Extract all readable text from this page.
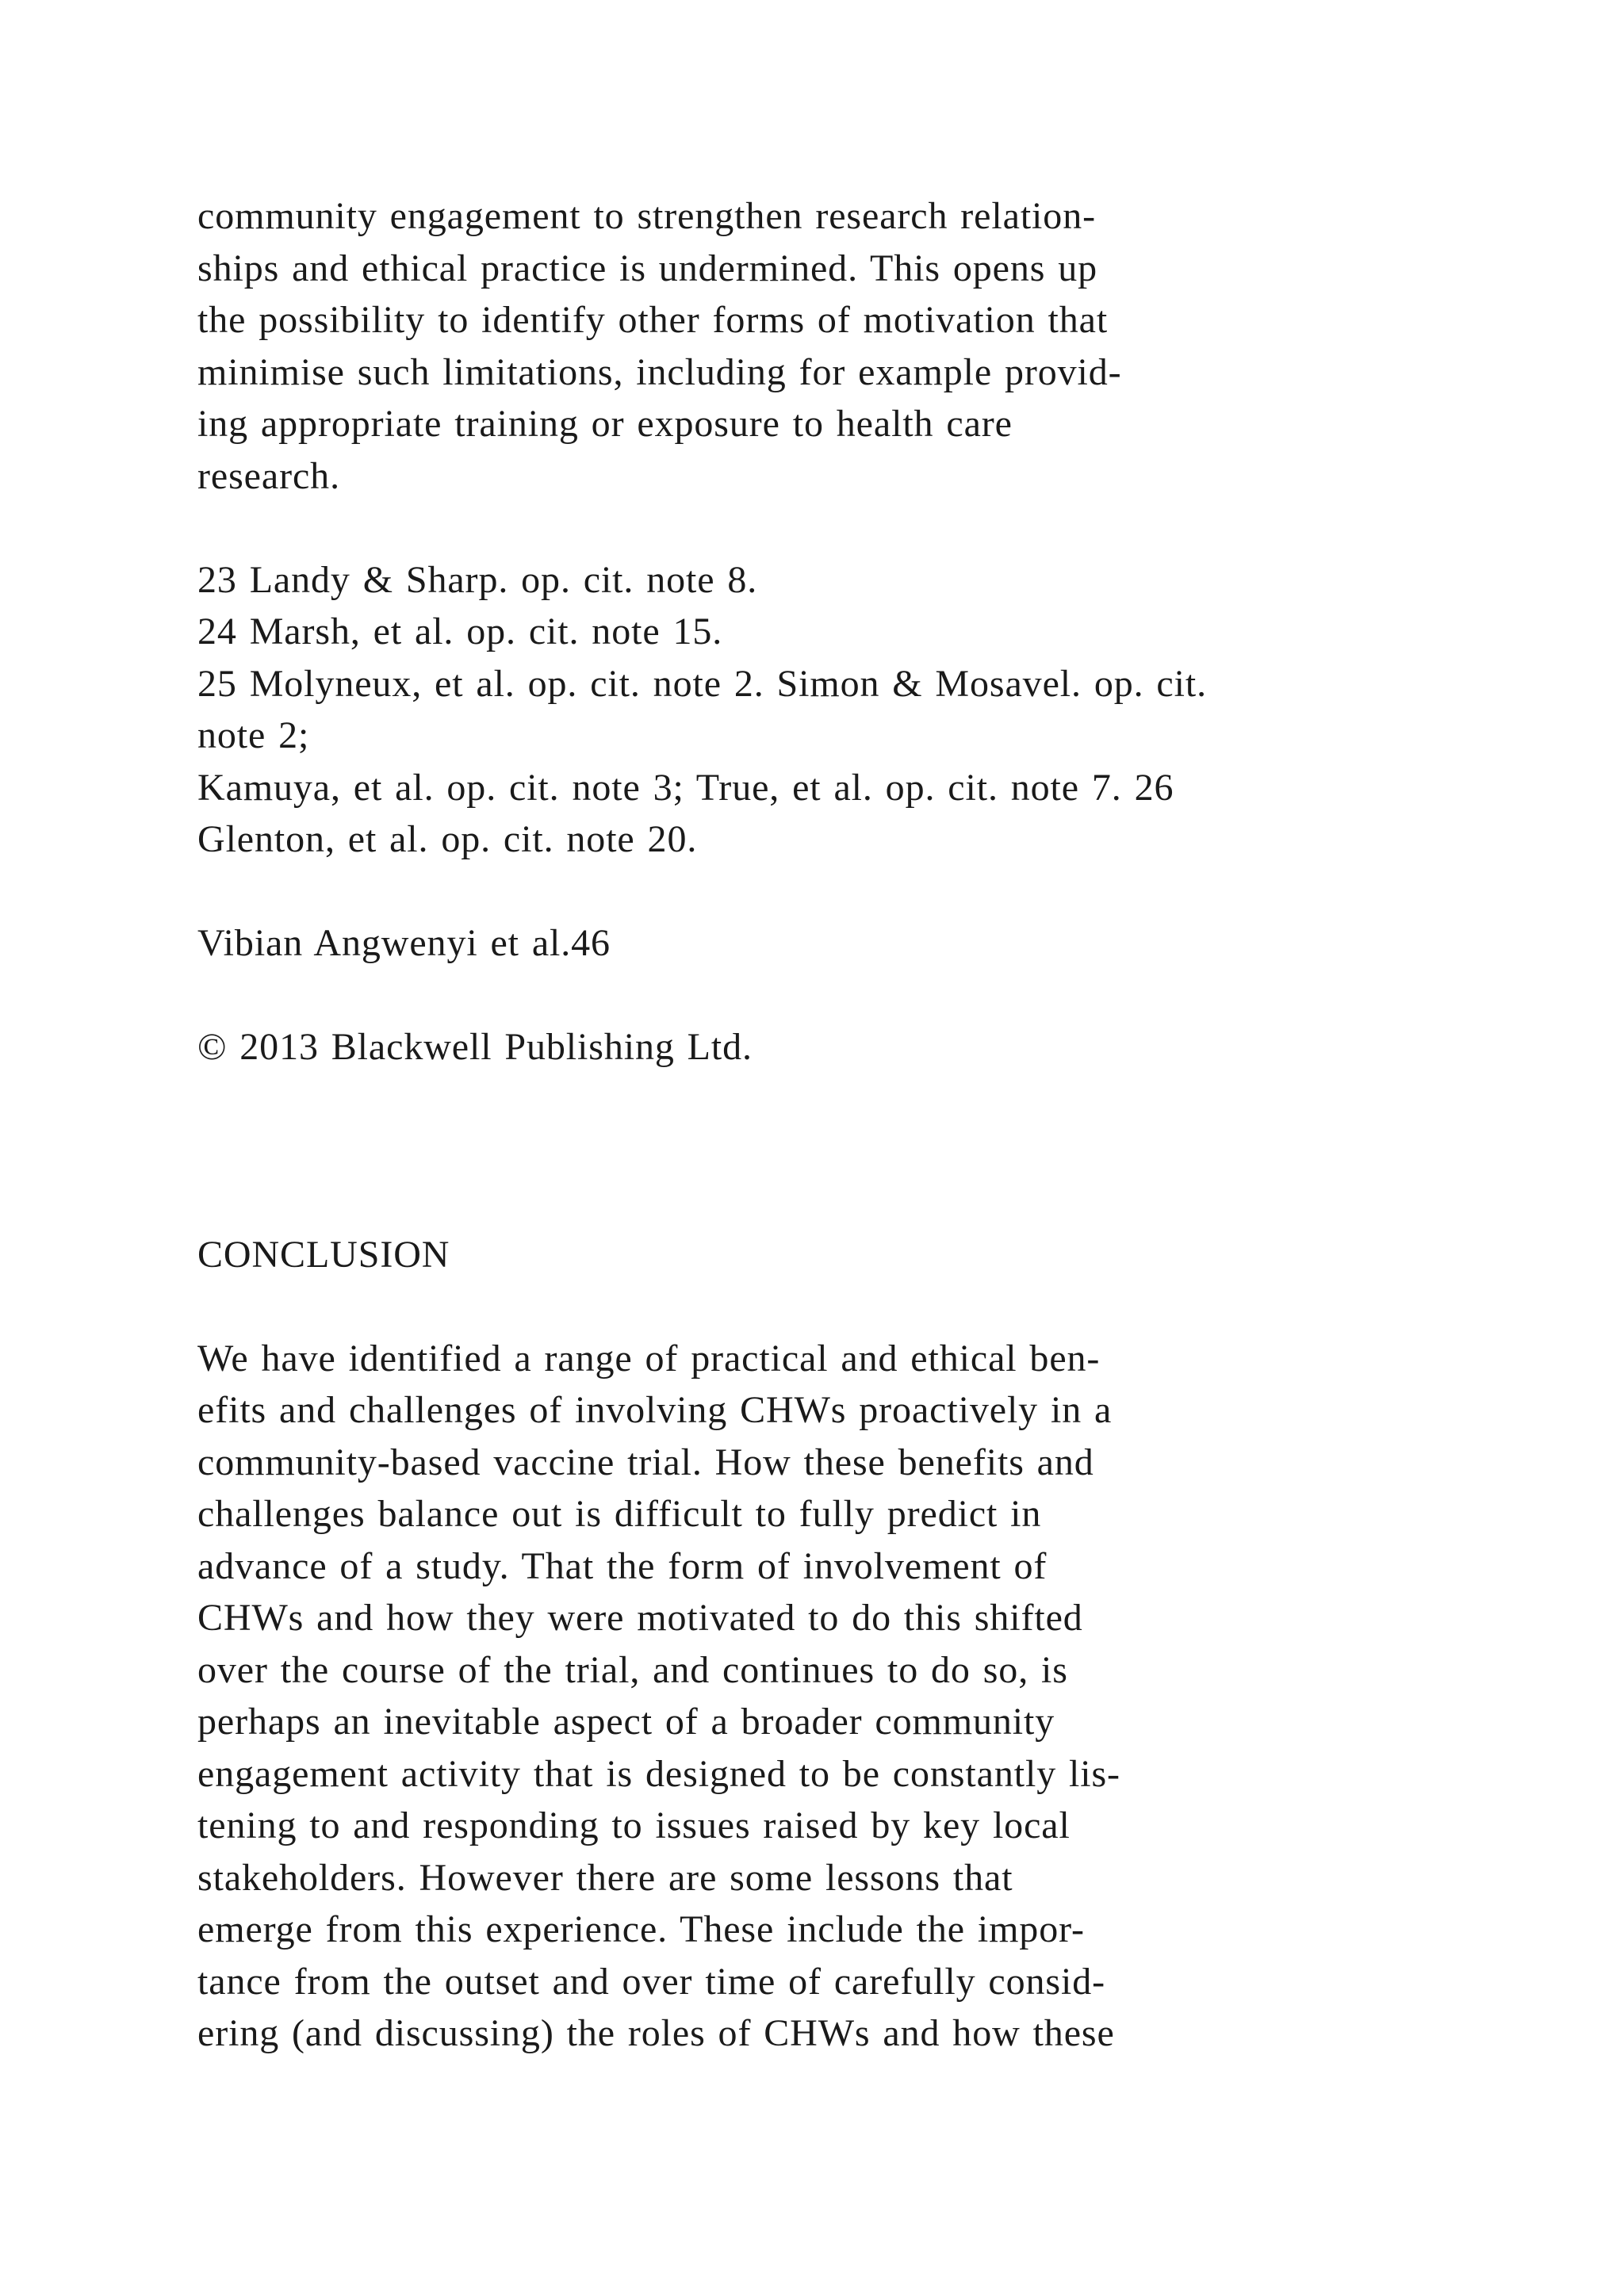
community engagement to strengthen research relation-
ships and ethical practice is undermined. This opens up
the possibility to identify other forms of motivation that
minimise such limitations, including for example provid-
ing appropriate training or exposure to health care
research.
23 Landy & Sharp. op. cit. note 8.
24 Marsh, et al. op. cit. note 15.
25 Molyneux, et al. op. cit. note 2. Simon & Mosavel. op. cit.
note 2;
Kamuya, et al. op. cit. note 3; True, et al. op. cit. note 7. 26
Glenton, et al. op. cit. note 20.
Vibian Angwenyi et al.46
© 2013 Blackwell Publishing Ltd.
CONCLUSION
We have identified a range of practical and ethical ben-
efits and challenges of involving CHWs proactively in a
community-based vaccine trial. How these benefits and
challenges balance out is difficult to fully predict in
advance of a study. That the form of involvement of
CHWs and how they were motivated to do this shifted
over the course of the trial, and continues to do so, is
perhaps an inevitable aspect of a broader community
engagement activity that is designed to be constantly lis-
tening to and responding to issues raised by key local
stakeholders. However there are some lessons that
emerge from this experience. These include the impor-
tance from the outset and over time of carefully consid-
ering (and discussing) the roles of CHWs and how these
